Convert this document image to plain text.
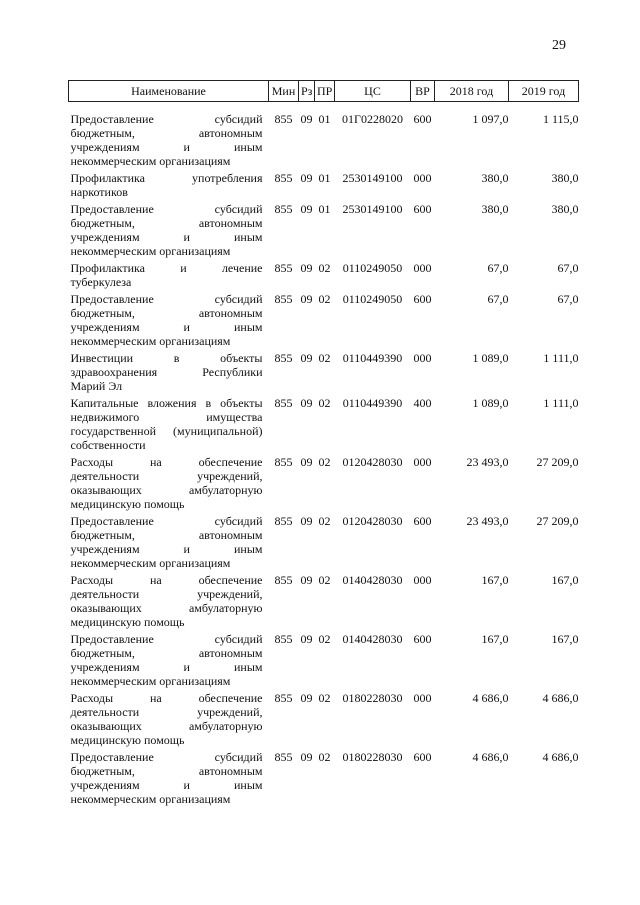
29
Наименование	Мин	Рз	ПР	ЦС	ВР	2018 год	2019 год

Предоставление субсидий
бюджетным, автономным
учреждениям и иным
некоммерческим организациям	855	09	01	01Г0228020	600	1 097,0	1 115,0

Профилактика употребления
наркотиков	855	09	01	2530149100	000	380,0	380,0

Предоставление субсидий
бюджетным, автономным
учреждениям и иным
некоммерческим организациям	855	09	01	2530149100	600	380,0	380,0

Профилактика и лечение
туберкулеза	855	09	02	0110249050	000	67,0	67,0

Предоставление субсидий
бюджетным, автономным
учреждениям и иным
некоммерческим организациям	855	09	02	0110249050	600	67,0	67,0

Инвестиции в объекты
здравоохранения Республики
Марий Эл	855	09	02	0110449390	000	1 089,0	1 111,0

Капитальные вложения в объекты
недвижимого имущества
государственной (муниципальной)
собственности	855	09	02	0110449390	400	1 089,0	1 111,0

Расходы на обеспечение
деятельности учреждений,
оказывающих амбулаторную
медицинскую помощь	855	09	02	0120428030	000	23 493,0	27 209,0

Предоставление субсидий
бюджетным, автономным
учреждениям и иным
некоммерческим организациям	855	09	02	0120428030	600	23 493,0	27 209,0

Расходы на обеспечение
деятельности учреждений,
оказывающих амбулаторную
медицинскую помощь	855	09	02	0140428030	000	167,0	167,0

Предоставление субсидий
бюджетным, автономным
учреждениям и иным
некоммерческим организациям	855	09	02	0140428030	600	167,0	167,0

Расходы на обеспечение
деятельности учреждений,
оказывающих амбулаторную
медицинскую помощь	855	09	02	0180228030	000	4 686,0	4 686,0

Предоставление субсидий
бюджетным, автономным
учреждениям и иным
некоммерческим организациям	855	09	02	0180228030	600	4 686,0	4 686,0
